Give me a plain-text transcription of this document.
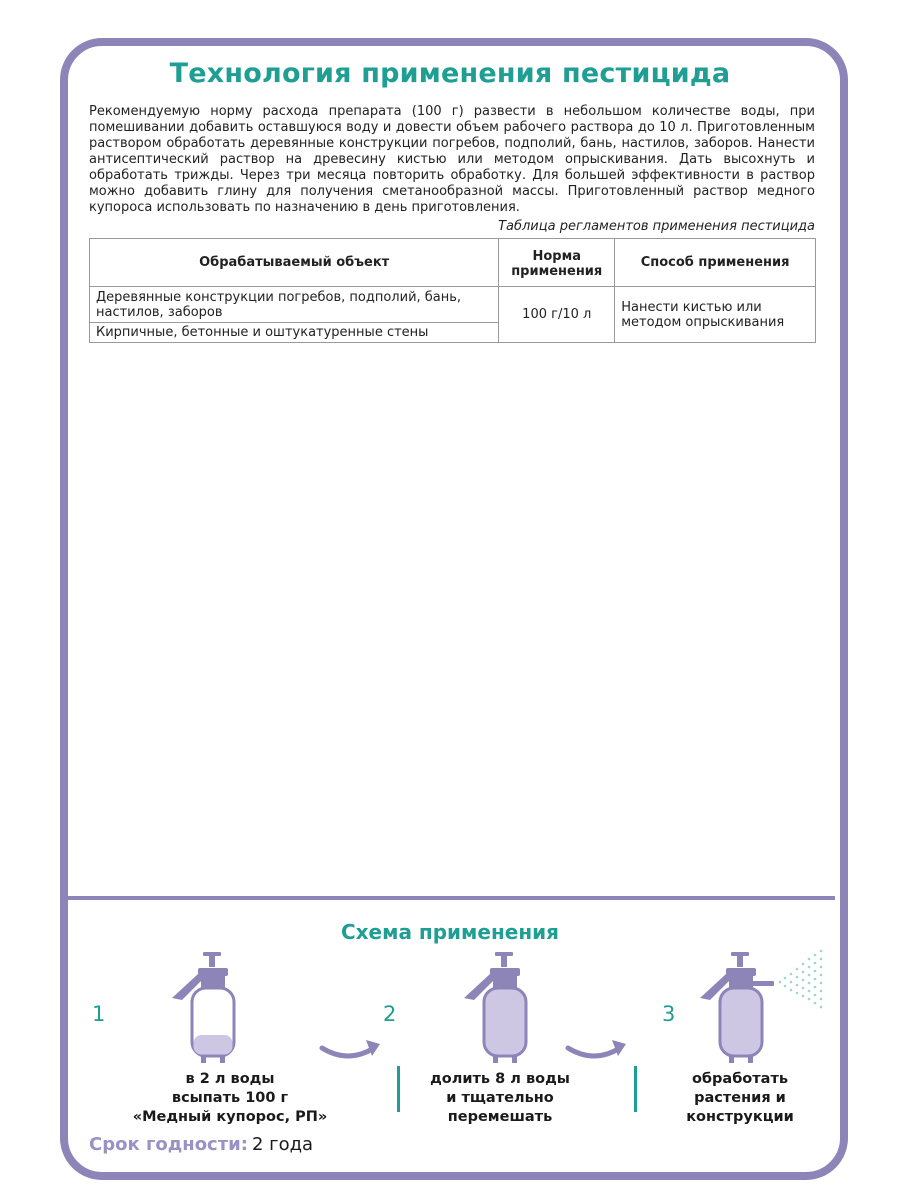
Технология применения пестицида
Рекомендуемую норму расхода препарата (100 г) развести в небольшом количестве воды, при помешивании добавить оставшуюся воду и довести объем рабочего раствора до 10 л. Приготовленным раствором обработать деревянные конструкции погребов, подполий, бань, настилов, заборов. Нанести антисептический раствор на древесину кистью или методом опрыскивания. Дать высохнуть и обработать трижды. Через три месяца повторить обработку. Для большей эффективности в раствор можно добавить глину для получения сметанообразной массы. Приготовленный раствор медного купороса использовать по назначению в день приготовления.
Таблица регламентов применения пестицида
Обрабатываемый объект	Норма применения	Способ применения
Деревянные конструкции погребов, подполий, бань, настилов, заборов	100 г/10 л	Нанести кистью или методом опрыскивания
Кирпичные, бетонные и оштукатуренные стены		
Схема применения
1	2	3
в 2 л воды
всыпать 100 г
«Медный купорос, РП»
долить 8 л воды
и тщательно
перемешать
обработать
растения и
конструкции
Срок годности: 2 года
